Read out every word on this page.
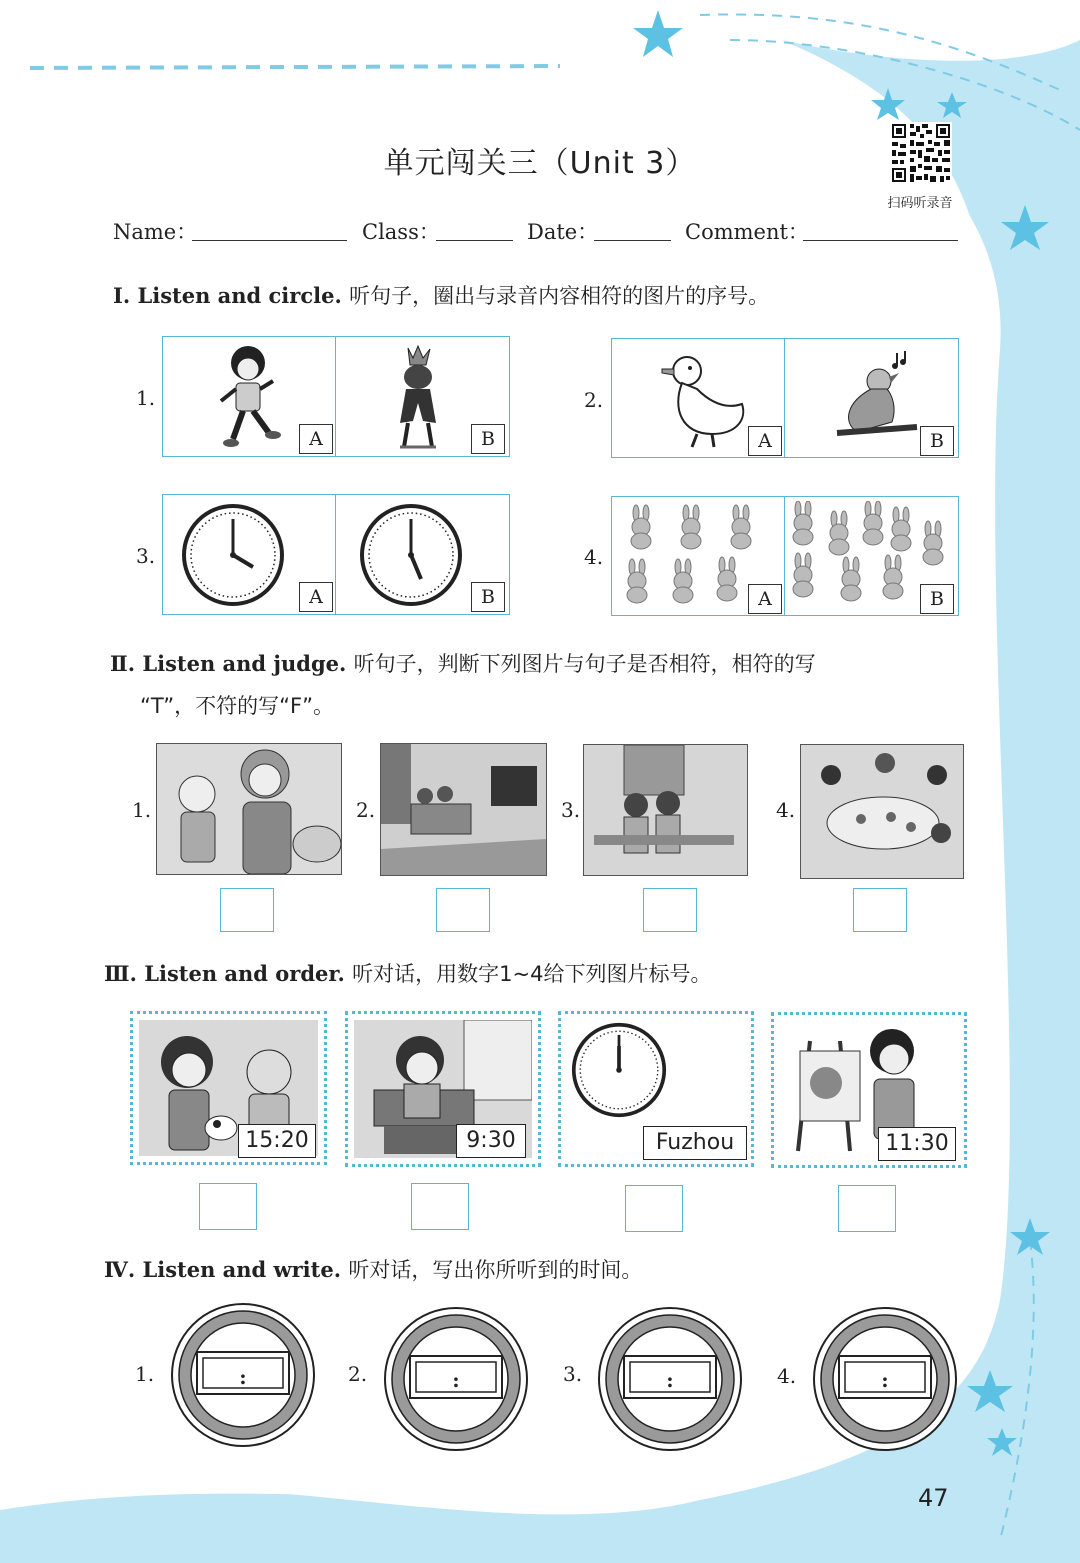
单元闯关三（Unit 3）
扫码听录音
Name：	Class：	Date：	Comment：
Ⅰ. Listen and circle. 听句子，圈出与录音内容相符的图片的序号。
1.
A	B
2.
A	B
3.
A	B
4.
A	B
Ⅱ. Listen and judge. 听句子，判断下列图片与句子是否相符，相符的写
“T”，不符的写“F”。
1.	2.	3.	4.
Ⅲ. Listen and order. 听对话，用数字1~4给下列图片标号。
15:20	9:30	Fuzhou	11:30
Ⅳ. Listen and write. 听对话，写出你所听到的时间。
1.	:	2.	:	3.	:	4.	:
47
